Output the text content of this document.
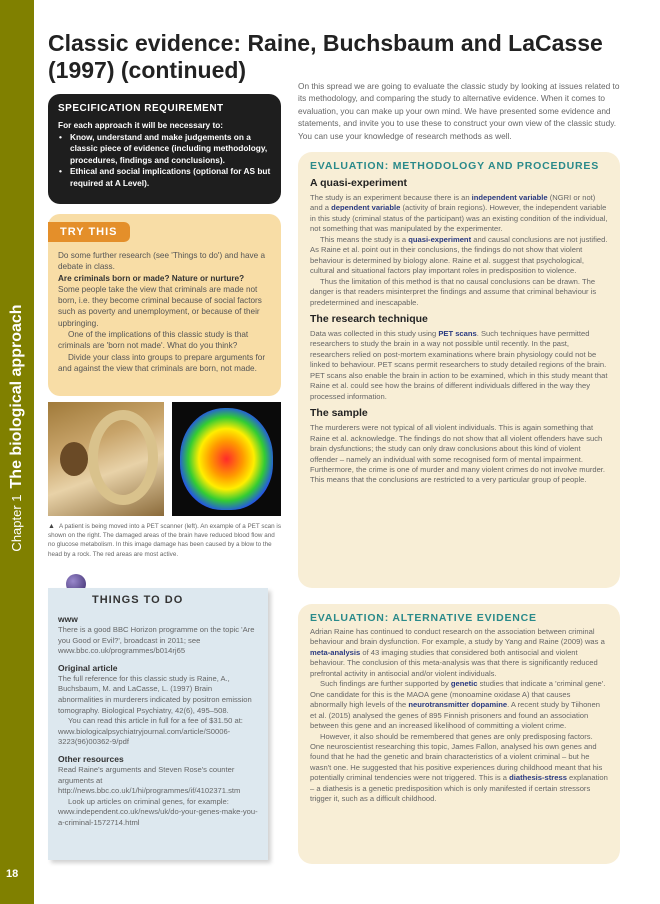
Chapter 1The biological approach
18
Classic evidence: Raine, Buchsbaum and LaCasse (1997) (continued)
On this spread we are going to evaluate the classic study by looking at issues related to its methodology, and comparing the study to alternative evidence. When it comes to evaluation, you can make up your own mind. We have presented some evidence and statements, and invite you to use these to construct your own view of the classic study. You can use your knowledge of research methods as well.
SPECIFICATION REQUIREMENT
For each approach it will be necessary to:
• Know, understand and make judgements on a classic piece of evidence (including methodology, procedures, findings and conclusions).
• Ethical and social implications (optional for AS but required at A Level).
TRY THIS

Do some further research (see 'Things to do') and have a debate in class.

Are criminals born or made? Nature or nurture?

Some people take the view that criminals are made not born, i.e. they become criminal because of social factors such as poverty and unemployment, or because of their upbringing.

One of the implications of this classic study is that criminals are 'born not made'. What do you think?

Divide your class into groups to prepare arguments for and against the view that criminals are born, not made.

▲ A patient is being moved into a PET scanner (left). An example of a PET scan is shown on the right. The damaged areas of the brain have reduced blood flow and no glucose metabolism. In this image damage has been caused by a blow to the head by a rock. The red areas are most active.
www

There is a good BBC Horizon programme on the topic 'Are you Good or Evil?', broadcast in 2011; see www.bbc.co.uk/programmes/b014rj65

Original article

The full reference for this classic study is Raine, A., Buchsbaum, M. and LaCasse, L. (1997) Brain abnormalities in murderers indicated by positron emission tomography. Biological Psychiatry, 42(6), 495–508.

You can read this article in full for a fee of $31.50 at: www.biologicalpsychiatryjournal.com/article/S0006-3223(96)00362-9/pdf

Other resources

Read Raine's arguments and Steven Rose's counter arguments at http://news.bbc.co.uk/1/hi/programmes/if/4102371.stm

Look up articles on criminal genes, for example: www.independent.co.uk/news/uk/do-your-genes-make-you-a-criminal-1572714.html

THINGS TO DO
EVALUATION: METHODOLOGY AND PROCEDURES
A quasi-experiment

The study is an experiment because there is an independent variable (NGRI or not) and a dependent variable (activity of brain regions). However, the independent variable in this study (criminal status of the participant) was an existing condition of the individual, not something that was manipulated by the experimenter.

This means the study is a quasi-experiment and causal conclusions are not justified. As Raine et al. point out in their conclusions, the findings do not show that violent behaviour is determined by biology alone. Raine et al. suggest that psychological, cultural and situational factors play important roles in predisposition to violence.

Thus the limitation of this method is that no causal conclusions can be drawn. The danger is that readers misinterpret the findings and assume that criminal behaviour is predetermined and inescapable.

The research technique

Data was collected in this study using PET scans. Such techniques have permitted researchers to study the brain in a way not possible until recently. In the past, researchers relied on post-mortem examinations where brain physiology could not be linked to behaviour. PET scans permit researchers to study detailed regions of the brain. PET scans also enable the brain in action to be examined, which in this study meant that Raine et al. could see how the brains of different individuals differed in the way they processed information.

The sample

The murderers were not typical of all violent individuals. This is again something that Raine et al. acknowledge. The findings do not show that all violent offenders have such brain dysfunctions; the study can only draw conclusions about this kind of violent offender – namely an individual with some recognised form of mental impairment. Furthermore, the crime is one of murder and many violent crimes do not involve murder. This means that the conclusions are restricted to a very particular group of people.

EVALUATION: ALTERNATIVE EVIDENCE

Adrian Raine has continued to conduct research on the association between criminal behaviour and brain dysfunction. For example, a study by Yang and Raine (2009) was a meta-analysis of 43 imaging studies that considered both antisocial and violent behaviour. The conclusion of this meta-analysis was that there is significantly reduced prefrontal activity in antisocial and/or violent individuals.

Such findings are further supported by genetic studies that indicate a 'criminal gene'. One candidate for this is the MAOA gene (monoamine oxidase A) that causes abnormally high levels of the neurotransmitter dopamine. A recent study by Tiihonen et al. (2015) analysed the genes of 895 Finnish prisoners and found an association between this gene and an increased likelihood of committing a violent crime.

However, it also should be remembered that genes are only predisposing factors. One neuroscientist researching this topic, James Fallon, analysed his own genes and found that he had the genetic and brain characteristics of a violent criminal – but he wasn't one. He suggested that his positive experiences during childhood meant that his potentially criminal tendencies were not triggered. This is a diathesis-stress explanation – a diathesis is a genetic predisposition which is only manifested if certain stressors trigger it, such as a difficult childhood.
